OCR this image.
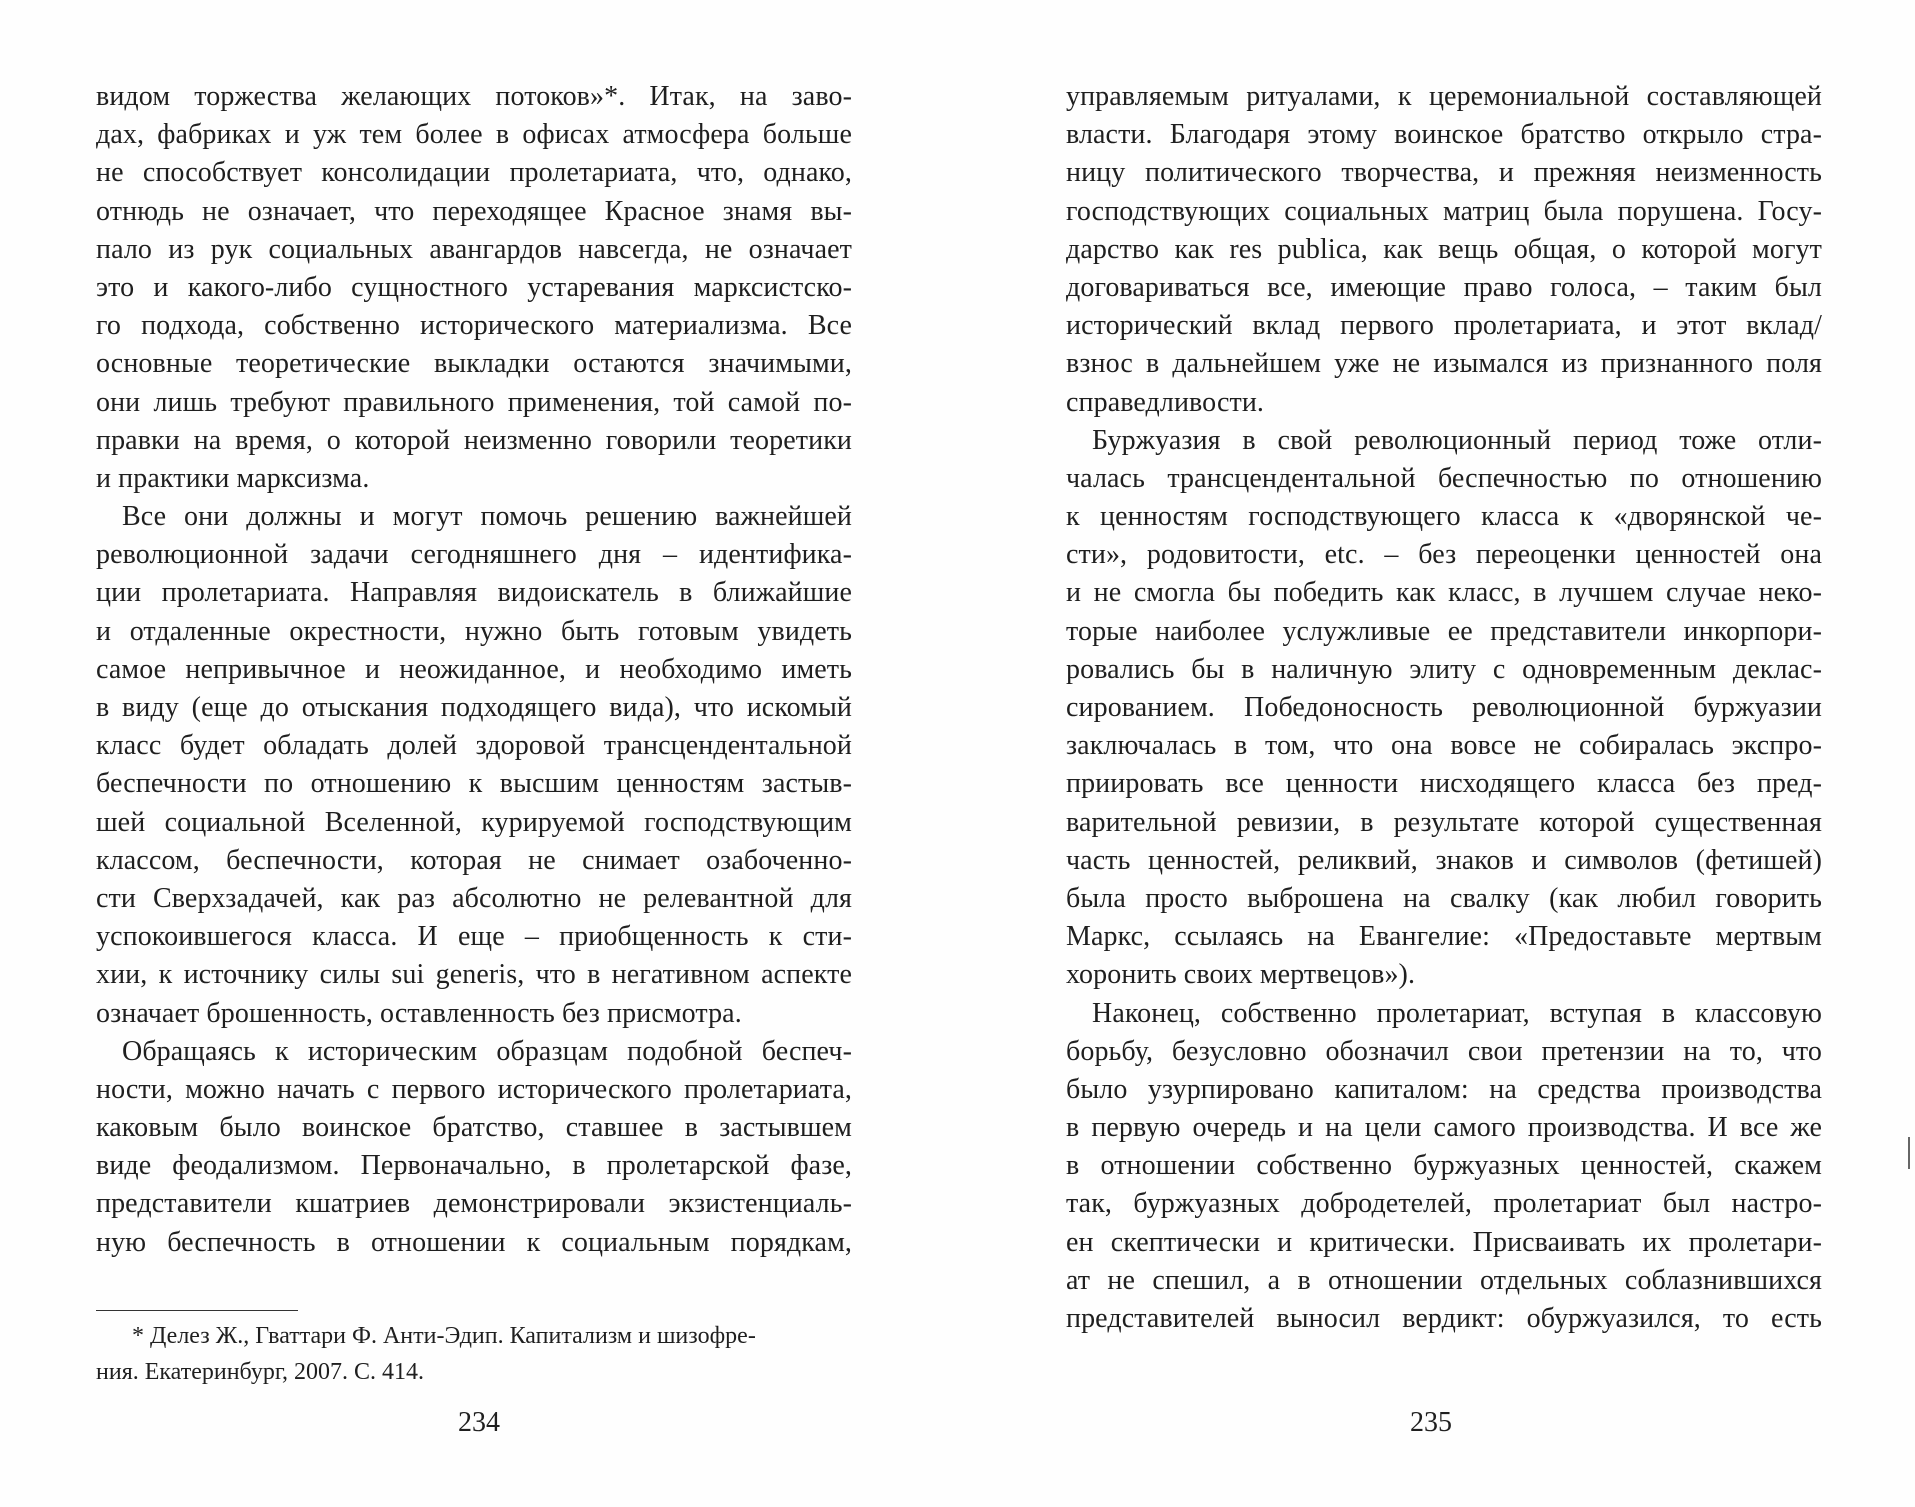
видом торжества желающих потоков»*. Итак, на заво-
дах, фабриках и уж тем более в офисах атмосфера больше
не способствует консолидации пролетариата, что, однако,
отнюдь не означает, что переходящее Красное знамя вы-
пало из рук социальных авангардов навсегда, не означает
это и какого-либо сущностного устаревания марксистско-
го подхода, собственно исторического материализма. Все
основные теоретические выкладки остаются значимыми,
они лишь требуют правильного применения, той самой по-
правки на время, о которой неизменно говорили теоретики
и практики марксизма.
Все они должны и могут помочь решению важнейшей
революционной задачи сегодняшнего дня – идентифика-
ции пролетариата. Направляя видоискатель в ближайшие
и отдаленные окрестности, нужно быть готовым увидеть
самое непривычное и неожиданное, и необходимо иметь
в виду (еще до отыскания подходящего вида), что искомый
класс будет обладать долей здоровой трансцендентальной
беспечности по отношению к высшим ценностям застыв-
шей социальной Вселенной, курируемой господствующим
классом, беспечности, которая не снимает озабоченно-
сти Сверхзадачей, как раз абсолютно не релевантной для
успокоившегося класса. И еще – приобщенность к сти-
хии, к источнику силы sui generis, что в негативном аспекте
означает брошенность, оставленность без присмотра.
Обращаясь к историческим образцам подобной беспеч-
ности, можно начать с первого исторического пролетариата,
каковым было воинское братство, ставшее в застывшем
виде феодализмом. Первоначально, в пролетарской фазе,
представители кшатриев демонстрировали экзистенциаль-
ную беспечность в отношении к социальным порядкам,
* Делез Ж., Гваттари Ф. Анти-Эдип. Капитализм и шизофре-
ния. Екатеринбург, 2007. С. 414.
234
управляемым ритуалами, к церемониальной составляющей
власти. Благодаря этому воинское братство открыло стра-
ницу политического творчества, и прежняя неизменность
господствующих социальных матриц была порушена. Госу-
дарство как res publica, как вещь общая, о которой могут
договариваться все, имеющие право голоса, – таким был
исторический вклад первого пролетариата, и этот вклад/
взнос в дальнейшем уже не изымался из признанного поля
справедливости.
Буржуазия в свой революционный период тоже отли-
чалась трансцендентальной беспечностью по отношению
к ценностям господствующего класса к «дворянской че-
сти», родовитости, etc. – без переоценки ценностей она
и не смогла бы победить как класс, в лучшем случае неко-
торые наиболее услужливые ее представители инкорпори-
ровались бы в наличную элиту с одновременным деклас-
сированием. Победоносность революционной буржуазии
заключалась в том, что она вовсе не собиралась экспро-
приировать все ценности нисходящего класса без пред-
варительной ревизии, в результате которой существенная
часть ценностей, реликвий, знаков и символов (фетишей)
была просто выброшена на свалку (как любил говорить
Маркс, ссылаясь на Евангелие: «Предоставьте мертвым
хоронить своих мертвецов»).
Наконец, собственно пролетариат, вступая в классовую
борьбу, безусловно обозначил свои претензии на то, что
было узурпировано капиталом: на средства производства
в первую очередь и на цели самого производства. И все же
в отношении собственно буржуазных ценностей, скажем
так, буржуазных добродетелей, пролетариат был настро-
ен скептически и критически. Присваивать их пролетари-
ат не спешил, а в отношении отдельных соблазнившихся
представителей выносил вердикт: обуржуазился, то есть
235
